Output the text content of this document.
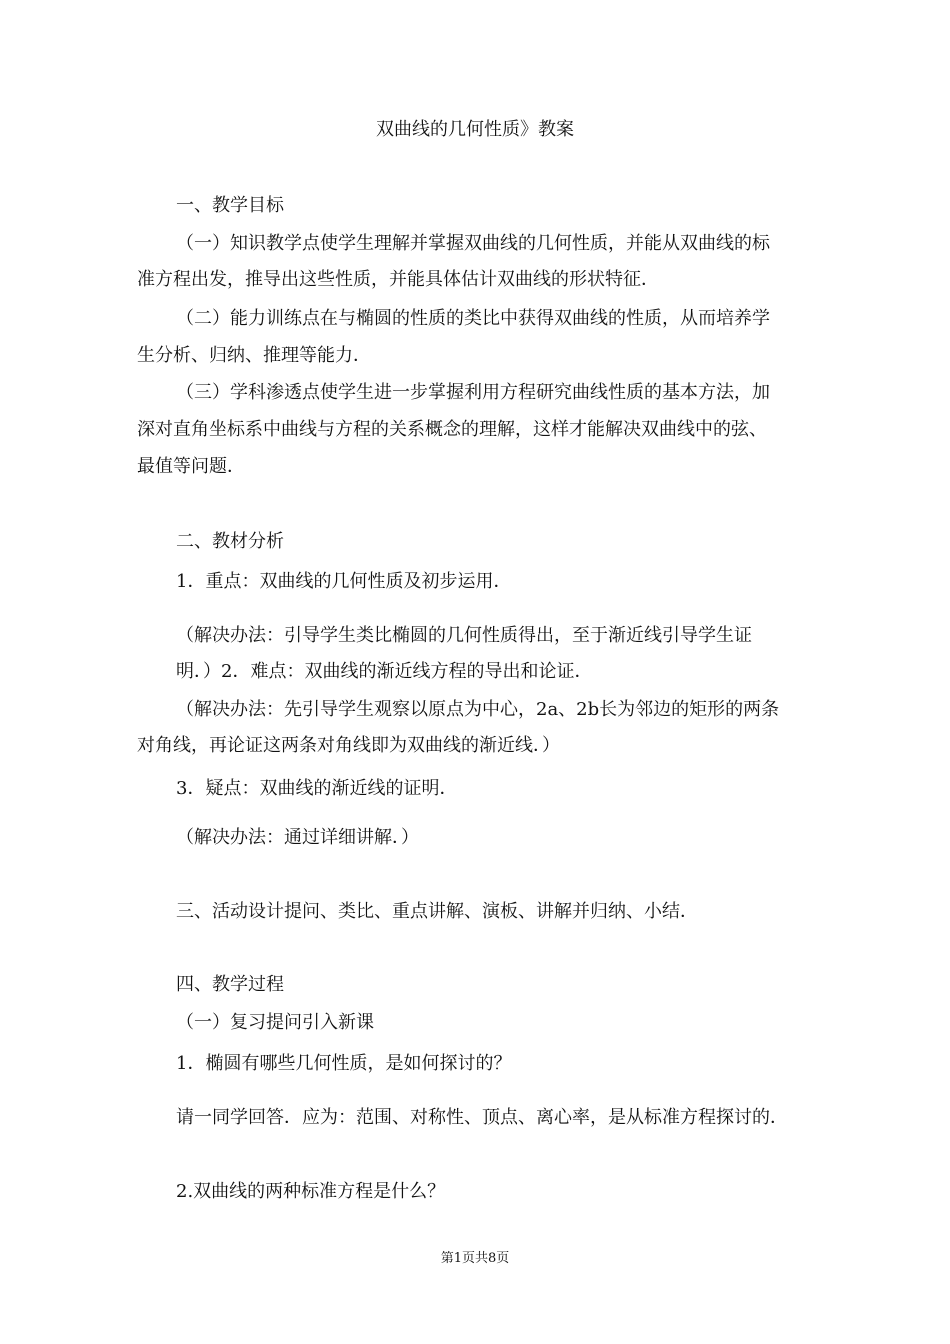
双曲线的几何性质》教案

一、教学目标

（一）知识教学点使学生理解并掌握双曲线的几何性质，并能从双曲线的标

准方程出发，推导出这些性质，并能具体估计双曲线的形状特征．

（二）能力训练点在与椭圆的性质的类比中获得双曲线的性质，从而培养学

生分析、归纳、推理等能力．

（三）学科渗透点使学生进一步掌握利用方程研究曲线性质的基本方法，加

深对直角坐标系中曲线与方程的关系概念的理解，这样才能解决双曲线中的弦、

最值等问题．

二、教材分析

1．重点：双曲线的几何性质及初步运用．

（解决办法：引导学生类比椭圆的几何性质得出，至于渐近线引导学生证

明．）2．难点：双曲线的渐近线方程的导出和论证．

（解决办法：先引导学生观察以原点为中心，2a、2b长为邻边的矩形的两条

对角线，再论证这两条对角线即为双曲线的渐近线．）

3．疑点：双曲线的渐近线的证明．

（解决办法：通过详细讲解．）

三、活动设计提问、类比、重点讲解、演板、讲解并归纳、小结．

四、教学过程

（一）复习提问引入新课

1．椭圆有哪些几何性质，是如何探讨的？

请一同学回答．应为：范围、对称性、顶点、离心率，是从标准方程探讨的．

2.双曲线的两种标准方程是什么？

第1页共8页
